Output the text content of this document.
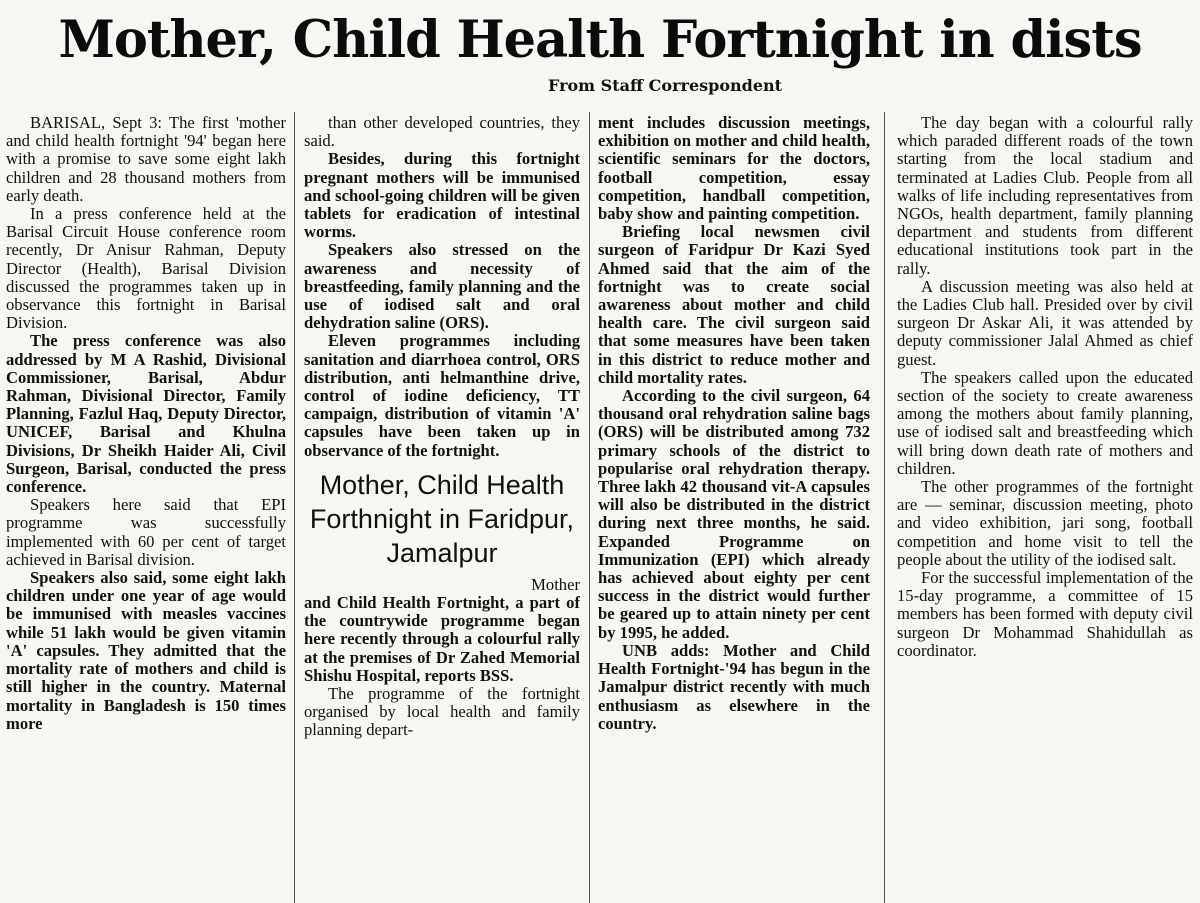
Mother, Child Health Fortnight in dists
From Staff Correspondent

BARISAL, Sept 3: The first 'mother and child health fortnight '94' began here with a promise to save some eight lakh children and 28 thousand mothers from early death.

In a press conference held at the Barisal Circuit House conference room recently, Dr Anisur Rahman, Deputy Director (Health), Barisal Division discussed the programmes taken up in observance this fortnight in Barisal Division.

The press conference was also addressed by M A Rashid, Divisional Commissioner, Barisal, Abdur Rahman, Divisional Director, Family Planning, Fazlul Haq, Deputy Director, UNICEF, Barisal and Khulna Divisions, Dr Sheikh Haider Ali, Civil Surgeon, Barisal, conducted the press conference.

Speakers here said that EPI programme was successfully implemented with 60 per cent of target achieved in Barisal division.

Speakers also said, some eight lakh children under one year of age would be immunised with measles vaccines while 51 lakh would be given vitamin 'A' capsules. They admitted that the mortality rate of mothers and child is still higher in the country. Maternal mortality in Bangladesh is 150 times more

than other developed countries, they said.

Besides, during this fortnight pregnant mothers will be immunised and school-going children will be given tablets for eradication of intestinal worms.

Speakers also stressed on the awareness and necessity of breastfeeding, family planning and the use of iodised salt and oral dehydration saline (ORS).

Eleven programmes including sanitation and diarrhoea control, ORS distribution, anti helmanthine drive, control of iodine deficiency, TT campaign, distribution of vitamin 'A' capsules have been taken up in observance of the fortnight.

Mother, Child Health Forthnight in Faridpur, Jamalpur

Mother

and Child Health Fortnight, a part of the countrywide programme began here recently through a colourful rally at the premises of Dr Zahed Memorial Shishu Hospital, reports BSS.

The programme of the fortnight organised by local health and family planning depart-

ment includes discussion meetings, exhibition on mother and child health, scientific seminars for the doctors, football competition, essay competition, handball competition, baby show and painting competition.

Briefing local newsmen civil surgeon of Faridpur Dr Kazi Syed Ahmed said that the aim of the fortnight was to create social awareness about mother and child health care. The civil surgeon said that some measures have been taken in this district to reduce mother and child mortality rates.

According to the civil surgeon, 64 thousand oral rehydration saline bags (ORS) will be distributed among 732 primary schools of the district to popularise oral rehydration therapy. Three lakh 42 thousand vit-A capsules will also be distributed in the district during next three months, he said. Expanded Programme on Immunization (EPI) which already has achieved about eighty per cent success in the district would further be geared up to attain ninety per cent by 1995, he added.

UNB adds: Mother and Child Health Fortnight-'94 has begun in the Jamalpur district recently with much enthusiasm as elsewhere in the country.

The day began with a colourful rally which paraded different roads of the town starting from the local stadium and terminated at Ladies Club. People from all walks of life including representatives from NGOs, health department, family planning department and students from different educational institutions took part in the rally.

A discussion meeting was also held at the Ladies Club hall. Presided over by civil surgeon Dr Askar Ali, it was attended by deputy commissioner Jalal Ahmed as chief guest.

The speakers called upon the educated section of the society to create awareness among the mothers about family planning, use of iodised salt and breastfeeding which will bring down death rate of mothers and children.

The other programmes of the fortnight are — seminar, discussion meeting, photo and video exhibition, jari song, football competition and home visit to tell the people about the utility of the iodised salt.

For the successful implementation of the 15-day programme, a committee of 15 members has been formed with deputy civil surgeon Dr Mohammad Shahidullah as coordinator.
